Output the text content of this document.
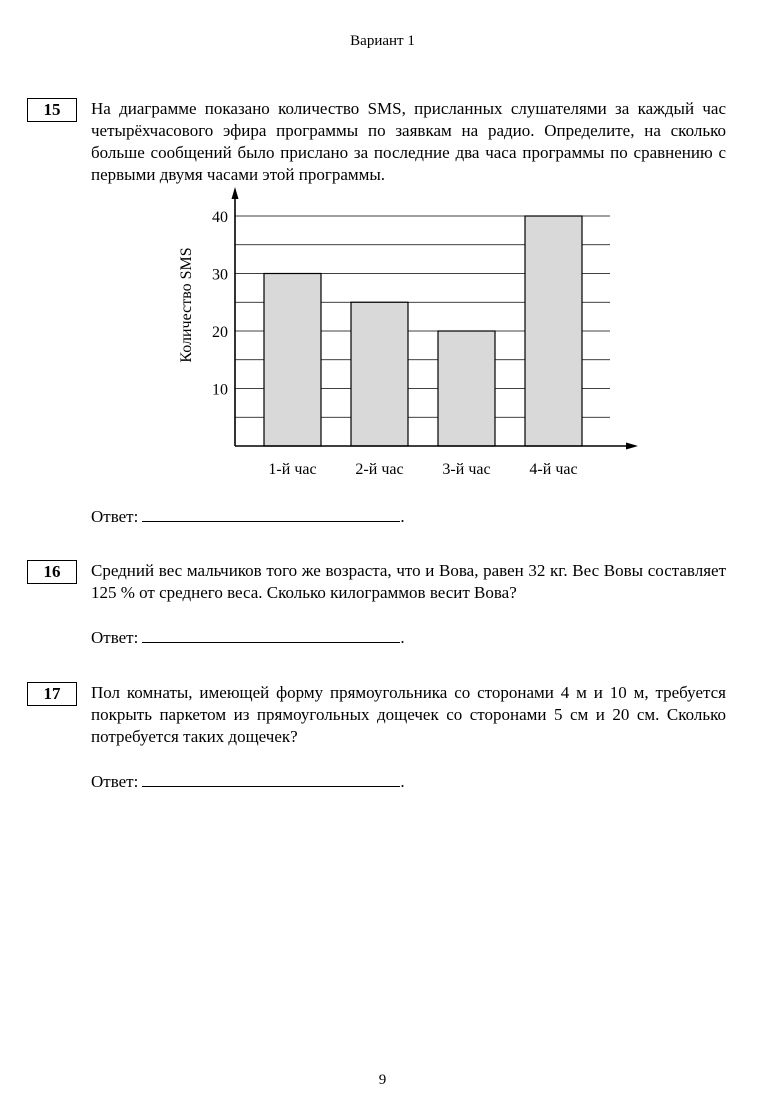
Вариант 1
15	На диаграмме показано количество SMS, присланных слушателями за каждый час четырёхчасового эфира программы по заявкам на радио. Определите, на сколько больше сообщений было прислано за последние два часа программы по сравнению с первыми двумя часами этой программы.
1-й час 2-й час 3-й час 4-й час
10
20
30
40
Количество SMS
Ответ:	.
16	Средний вес мальчиков того же возраста, что и Вова, равен 32 кг. Вес Вовы составляет 125 % от среднего веса. Сколько килограммов весит Вова?
Ответ:	.
17	Пол комнаты, имеющей форму прямоугольника со сторонами 4 м и 10 м, требуется покрыть паркетом из прямоугольных дощечек со сторонами 5 см и 20 см. Сколько потребуется таких дощечек?
Ответ:	.
9
